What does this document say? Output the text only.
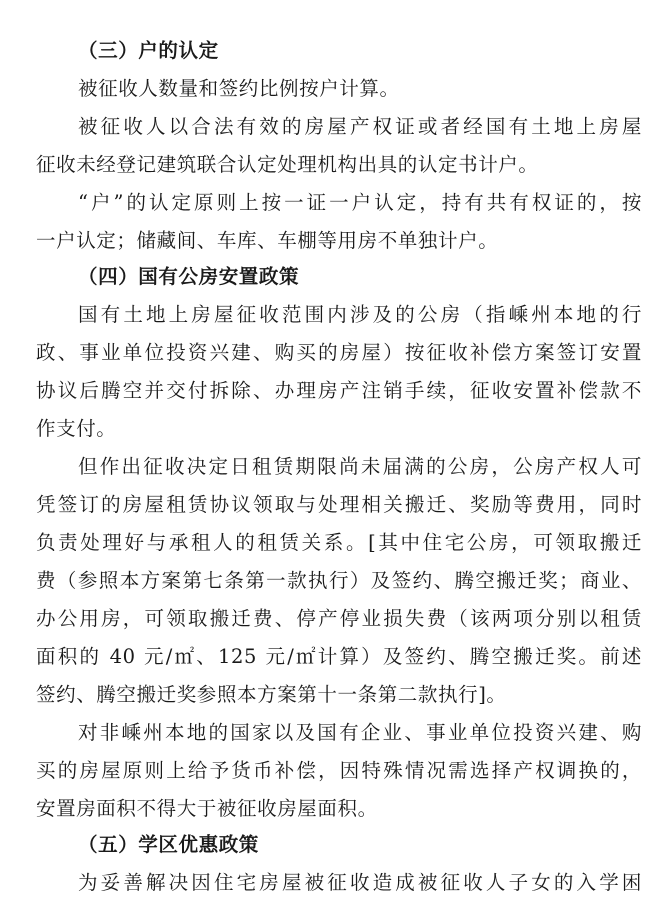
（三）户的认定
被征收人数量和签约比例按户计算。
被征收人以合法有效的房屋产权证或者经国有土地上房屋
征收未经登记建筑联合认定处理机构出具的认定书计户。
“户”的认定原则上按一证一户认定，持有共有权证的，按
一户认定；储藏间、车库、车棚等用房不单独计户。
（四）国有公房安置政策
国有土地上房屋征收范围内涉及的公房（指嵊州本地的行
政、事业单位投资兴建、购买的房屋）按征收补偿方案签订安置
协议后腾空并交付拆除、办理房产注销手续，征收安置补偿款不
作支付。
但作出征收决定日租赁期限尚未届满的公房，公房产权人可
凭签订的房屋租赁协议领取与处理相关搬迁、奖励等费用，同时
负责处理好与承租人的租赁关系。[其中住宅公房，可领取搬迁
费（参照本方案第七条第一款执行）及签约、腾空搬迁奖；商业、
办公用房，可领取搬迁费、停产停业损失费（该两项分别以租赁
面积的 40 元/㎡、125 元/㎡计算）及签约、腾空搬迁奖。前述
签约、腾空搬迁奖参照本方案第十一条第二款执行]。
对非嵊州本地的国家以及国有企业、事业单位投资兴建、购
买的房屋原则上给予货币补偿，因特殊情况需选择产权调换的，
安置房面积不得大于被征收房屋面积。
（五）学区优惠政策
为妥善解决因住宅房屋被征收造成被征收人子女的入学困
